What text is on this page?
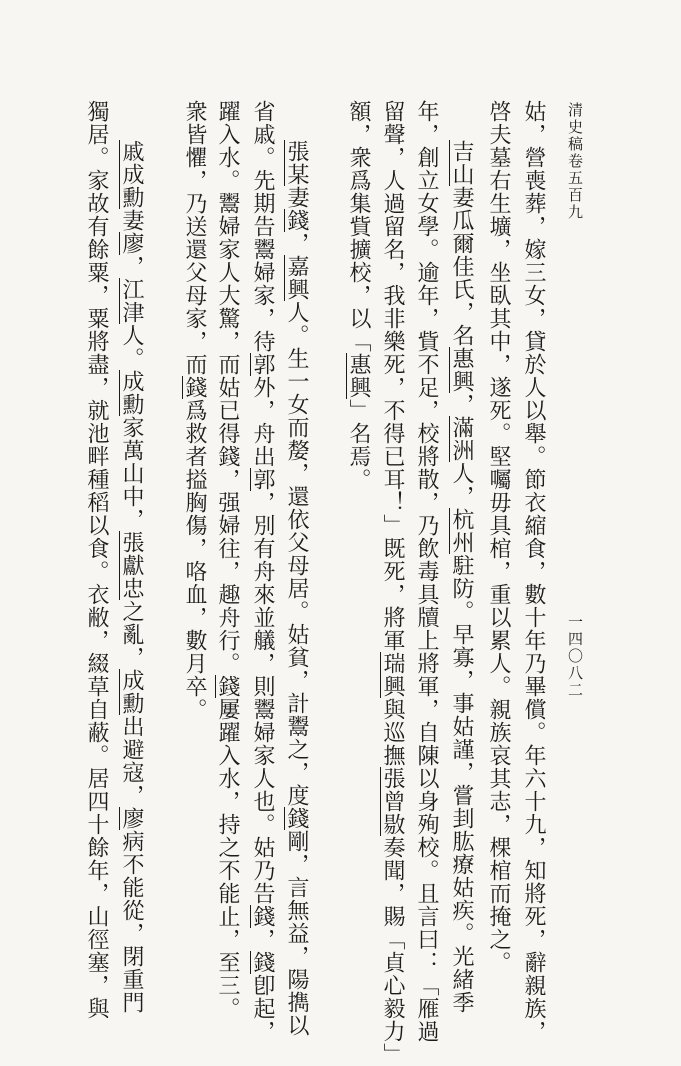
清史稿卷五百九
一四〇八二
姑，營喪葬，嫁三女，貸於人以舉。節衣縮食，數十年乃畢償。年六十九，知將死，辭親族，
啓夫墓右生壙，坐臥其中，遂死。堅囑毋具棺，重以累人。親族哀其志，棵棺而掩之。
吉山妻瓜爾佳氏，名惠興，滿洲人，杭州駐防。早寡，事姑謹，嘗刲肱療姑疾。光緒季
年，創立女學。逾年，貲不足，校將散，乃飲毒具牘上將軍，自陳以身殉校。且言曰：「雁過
留聲，人過留名，我非樂死，不得已耳！」既死，將軍瑞興與巡撫張曾敭奏聞，賜「貞心毅力」
額，衆爲集貲擴校，以「惠興」名焉。
張某妻錢，嘉興人。生一女而嫠，還依父母居。姑貧，計鬻之，度錢剛，言無益，陽擕以
省戚。先期告鬻婦家，待郭外，舟出郭，別有舟來並艤，則鬻婦家人也。姑乃告錢，錢卽起，
躍入水。鬻婦家人大驚，而姑已得錢，强婦往，趣舟行。錢屢躍入水，持之不能止，至三。
衆皆懼，乃送還父母家，而錢爲救者搤胸傷，咯血，數月卒。
戚成勳妻廖，江津人。成勳家萬山中，張獻忠之亂，成勳出避寇，廖病不能從，閉重門
獨居。家故有餘粟，粟將盡，就池畔種稻以食。衣敝，綴草自蔽。居四十餘年，山徑塞，與
